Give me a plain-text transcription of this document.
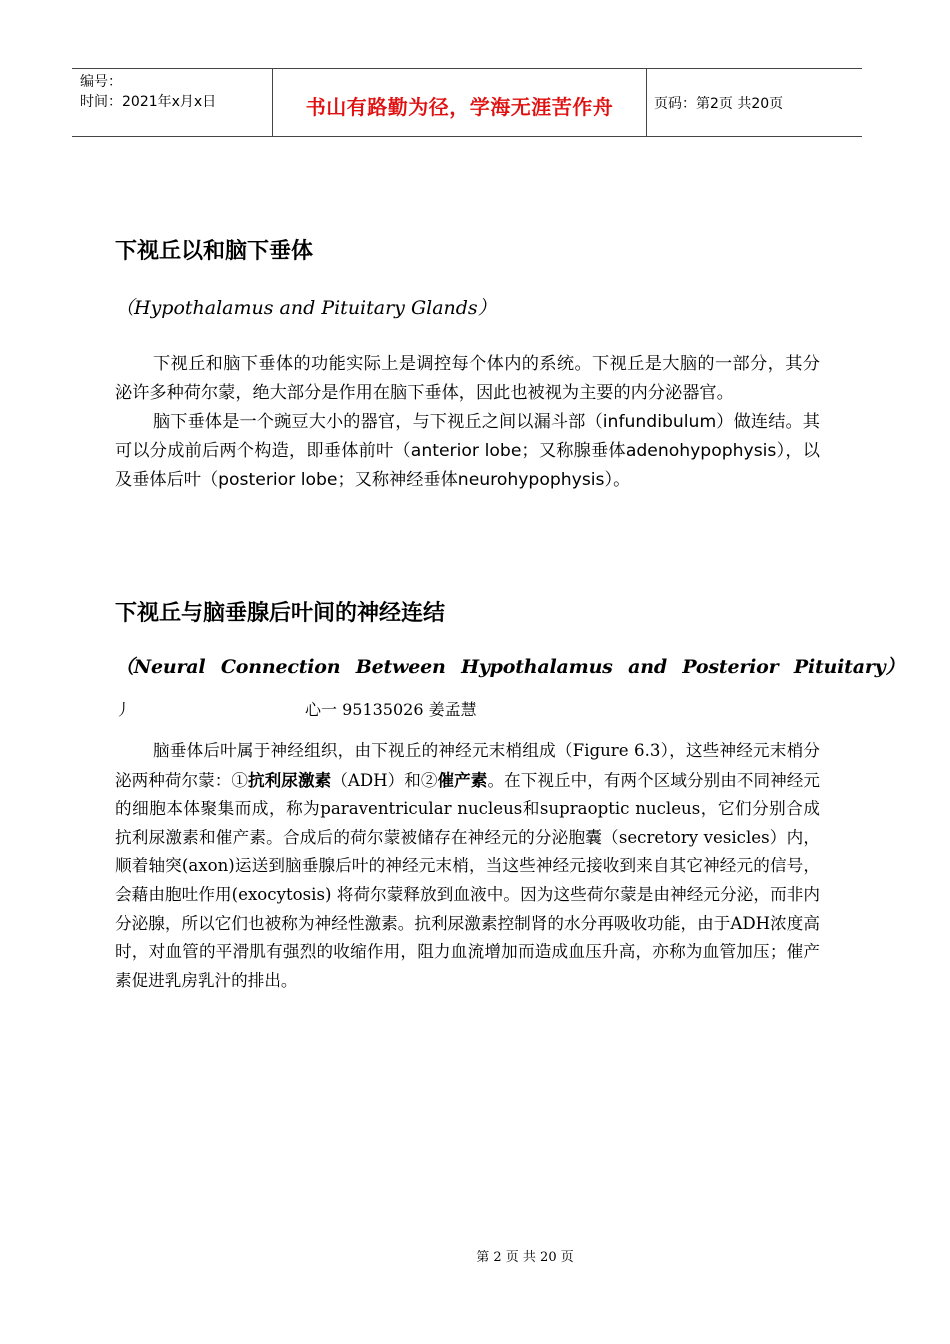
编号：
时间：2021年x月x日	书山有路勤为径，学海无涯苦作舟	页码：第2页 共20页
下视丘以和脑下垂体
（Hypothalamus and Pituitary Glands）

下视丘和脑下垂体的功能实际上是调控每个体内的系统。下视丘是大脑的一部分，其分泌许多种荷尔蒙，绝大部分是作用在脑下垂体，因此也被视为主要的内分泌器官。

脑下垂体是一个豌豆大小的器官，与下视丘之间以漏斗部（infundibulum）做连结。其可以分成前后两个构造，即垂体前叶（anterior lobe；又称腺垂体adenohypophysis），以及垂体后叶（posterior lobe；又称神经垂体neurohypophysis）。

下视丘与脑垂腺后叶间的神经连结
（Neural Connection Between Hypothalamus and Posterior Pituitary）
丿	心一 95135026 姜孟慧

脑垂体后叶属于神经组织，由下视丘的神经元末梢组成（Figure 6.3），这些神经元末梢分泌两种荷尔蒙：①抗利尿激素（ADH）和②催产素。在下视丘中，有两个区域分别由不同神经元的细胞本体聚集而成，称为paraventricular nucleus和supraoptic nucleus，它们分别合成抗利尿激素和催产素。合成后的荷尔蒙被储存在神经元的分泌胞囊（secretory vesicles）内，顺着轴突(axon)运送到脑垂腺后叶的神经元末梢，当这些神经元接收到来自其它神经元的信号，会藉由胞吐作用(exocytosis) 将荷尔蒙释放到血液中。因为这些荷尔蒙是由神经元分泌，而非内分泌腺，所以它们也被称为神经性激素。抗利尿激素控制肾的水分再吸收功能，由于ADH浓度高时，对血管的平滑肌有强烈的收缩作用，阻力血流增加而造成血压升高，亦称为血管加压；催产素促进乳房乳汁的排出。

第 2 页 共 20 页
